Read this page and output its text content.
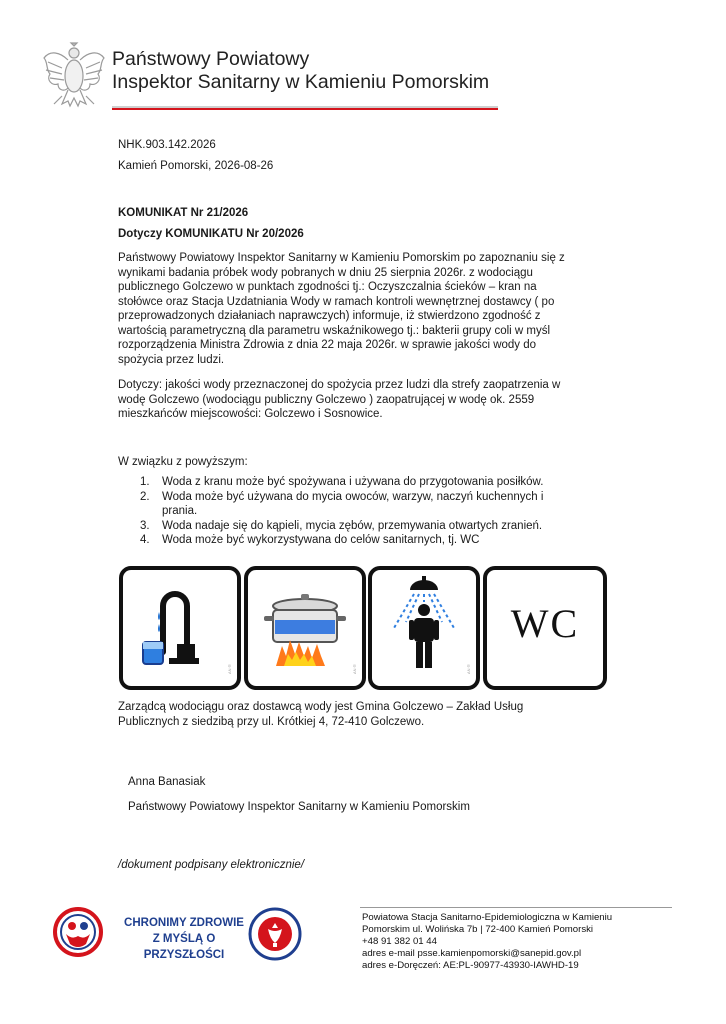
Państwowy Powiatowy
Inspektor Sanitarny w Kamieniu Pomorskim
NHK.903.142.2026
Kamień Pomorski, 2026-08-26
KOMUNIKAT Nr 21/2026
Dotyczy KOMUNIKATU Nr 20/2026
Państwowy Powiatowy Inspektor Sanitarny w Kamieniu Pomorskim po zapoznaniu się z
wynikami badania próbek wody pobranych w dniu 25 sierpnia 2026r. z wodociągu
publicznego Golczewo w punktach zgodności tj.: Oczyszczalnia ścieków – kran na
stołówce oraz Stacja Uzdatniania Wody w ramach kontroli wewnętrznej dostawcy ( po
przeprowadzonych działaniach naprawczych) informuje, iż stwierdzono zgodność z
wartością parametryczną dla parametru wskaźnikowego tj.: bakterii grupy coli w myśl
rozporządzenia Ministra Zdrowia z dnia 22 maja 2026r. w sprawie jakości wody do
spożycia przez ludzi.
Dotyczy: jakości wody przeznaczonej do spożycia przez ludzi dla strefy zaopatrzenia w
wodę Golczewo (wodociągu publiczny Golczewo ) zaopatrującej w wodę ok. 2559
mieszkańców miejscowości: Golczewo i Sosnowice.
W związku z powyższym:
1. Woda z kranu może być spożywana i używana do przygotowania posiłków.
2. Woda może być używana do mycia owoców, warzyw, naczyń kuchennych i
prania.
3. Woda nadaje się do kąpieli, mycia zębów, przemywania otwartych zranień.
4. Woda może być wykorzystywana do celów sanitarnych, tj. WC
AN ®	AN ®	AN ®
WC
Zarządcą wodociągu oraz dostawcą wody jest Gmina Golczewo – Zakład Usług
Publicznych z siedzibą przy ul. Krótkiej 4, 72-410 Golczewo.
Anna Banasiak
Państwowy Powiatowy Inspektor Sanitarny w Kamieniu Pomorskim
/dokument podpisany elektronicznie/
CHRONIMY ZDROWIE
Z MYŚLĄ O PRZYSZŁOŚCI
Powiatowa Stacja Sanitarno-Epidemiologiczna w Kamieniu
Pomorskim ul. Wolińska 7b | 72-400 Kamień Pomorski
+48 91 382 01 44
adres e-mail psse.kamienpomorski@sanepid.gov.pl
adres e-Doręczeń: AE:PL-90977-43930-IAWHD-19
